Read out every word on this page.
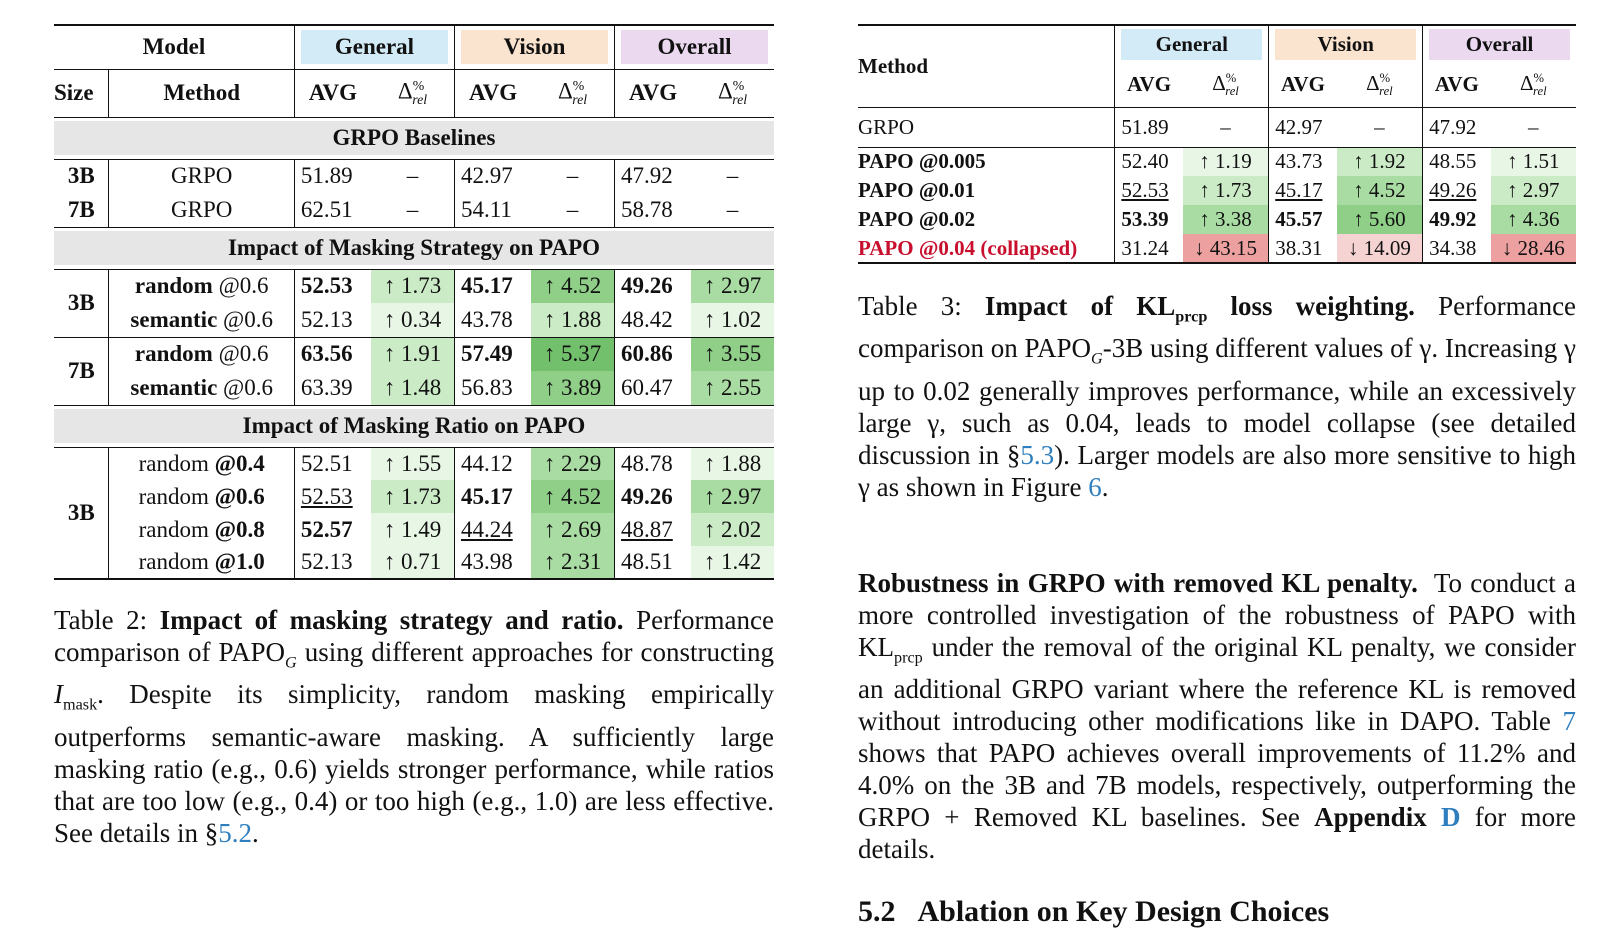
Model		General		Vision		Overall	

Size	Method	AVG	$\Delta^{\%}_{rel}$	AVG	$\Delta^{\%}_{rel}$	AVG	$\Delta^{\%}_{rel}$

GRPO Baselines							

3B	GRPO	51.89	–	42.97	–	47.92	–
7B	GRPO	62.51	–	54.11	–	58.78	–

Impact of Masking Strategy on PAPO							

3B	random @0.6	52.53	↑ 1.73	45.17	↑ 4.52	49.26	↑ 2.97
	semantic @0.6	52.13	↑ 0.34	43.78	↑ 1.88	48.42	↑ 1.02
7B	random @0.6	63.56	↑ 1.91	57.49	↑ 5.37	60.86	↑ 3.55
	semantic @0.6	63.39	↑ 1.48	56.83	↑ 3.89	60.47	↑ 2.55

Impact of Masking Ratio on PAPO							

3B	random @0.4	52.51	↑ 1.55	44.12	↑ 2.29	48.78	↑ 1.88
	random @0.6	52.53	↑ 1.73	45.17	↑ 4.52	49.26	↑ 2.97
	random @0.8	52.57	↑ 1.49	44.24	↑ 2.69	48.87	↑ 2.02
	random @1.0	52.13	↑ 0.71	43.98	↑ 2.31	48.51	↑ 1.42
Table 2: Impact of masking strategy and ratio. Performance comparison of $PAPO_G$ using different approaches for constructing $I_{mask}$. Despite its simplicity, random masking empirically outperforms semantic-aware masking. A sufficiently large masking ratio (e.g., 0.6) yields stronger performance, while ratios that are too low (e.g., 0.4) or too high (e.g., 1.0) are less effective. See details in §5.2.
Method	General		Vision		Overall	

	AVG	$\Delta^{\%}_{rel}$	AVG	$\Delta^{\%}_{rel}$	AVG	$\Delta^{\%}_{rel}$
GRPO	51.89	–	42.97	–	47.92	–
PAPO @0.005	52.40	↑ 1.19	43.73	↑ 1.92	48.55	↑ 1.51
PAPO @0.01	52.53	↑ 1.73	45.17	↑ 4.52	49.26	↑ 2.97
PAPO @0.02	53.39	↑ 3.38	45.57	↑ 5.60	49.92	↑ 4.36
PAPO @0.04 (collapsed)	31.24	↓ 43.15	38.31	↓ 14.09	34.38	↓ 28.46
Table 3: Impact of $KL_{prcp}$ loss weighting. Performance comparison on $PAPO_G-3B$ using different values of γ. Increasing γ up to 0.02 generally improves performance, while an excessively large γ, such as 0.04, leads to model collapse (see detailed discussion in §5.3). Larger models are also more sensitive to high γ as shown in Figure 6.
Robustness in GRPO with removed KL penalty. To conduct a more controlled investigation of the robustness of PAPO with $KL_{prcp}$ under the removal of the original KL penalty, we consider an additional GRPO variant where the reference KL is removed without introducing other modifications like in DAPO. Table 7 shows that PAPO achieves overall improvements of 11.2% and 4.0% on the 3B and 7B models, respectively, outperforming the GRPO + Removed KL baselines. See Appendix D for more details.
5.2 Ablation on Key Design Choices
